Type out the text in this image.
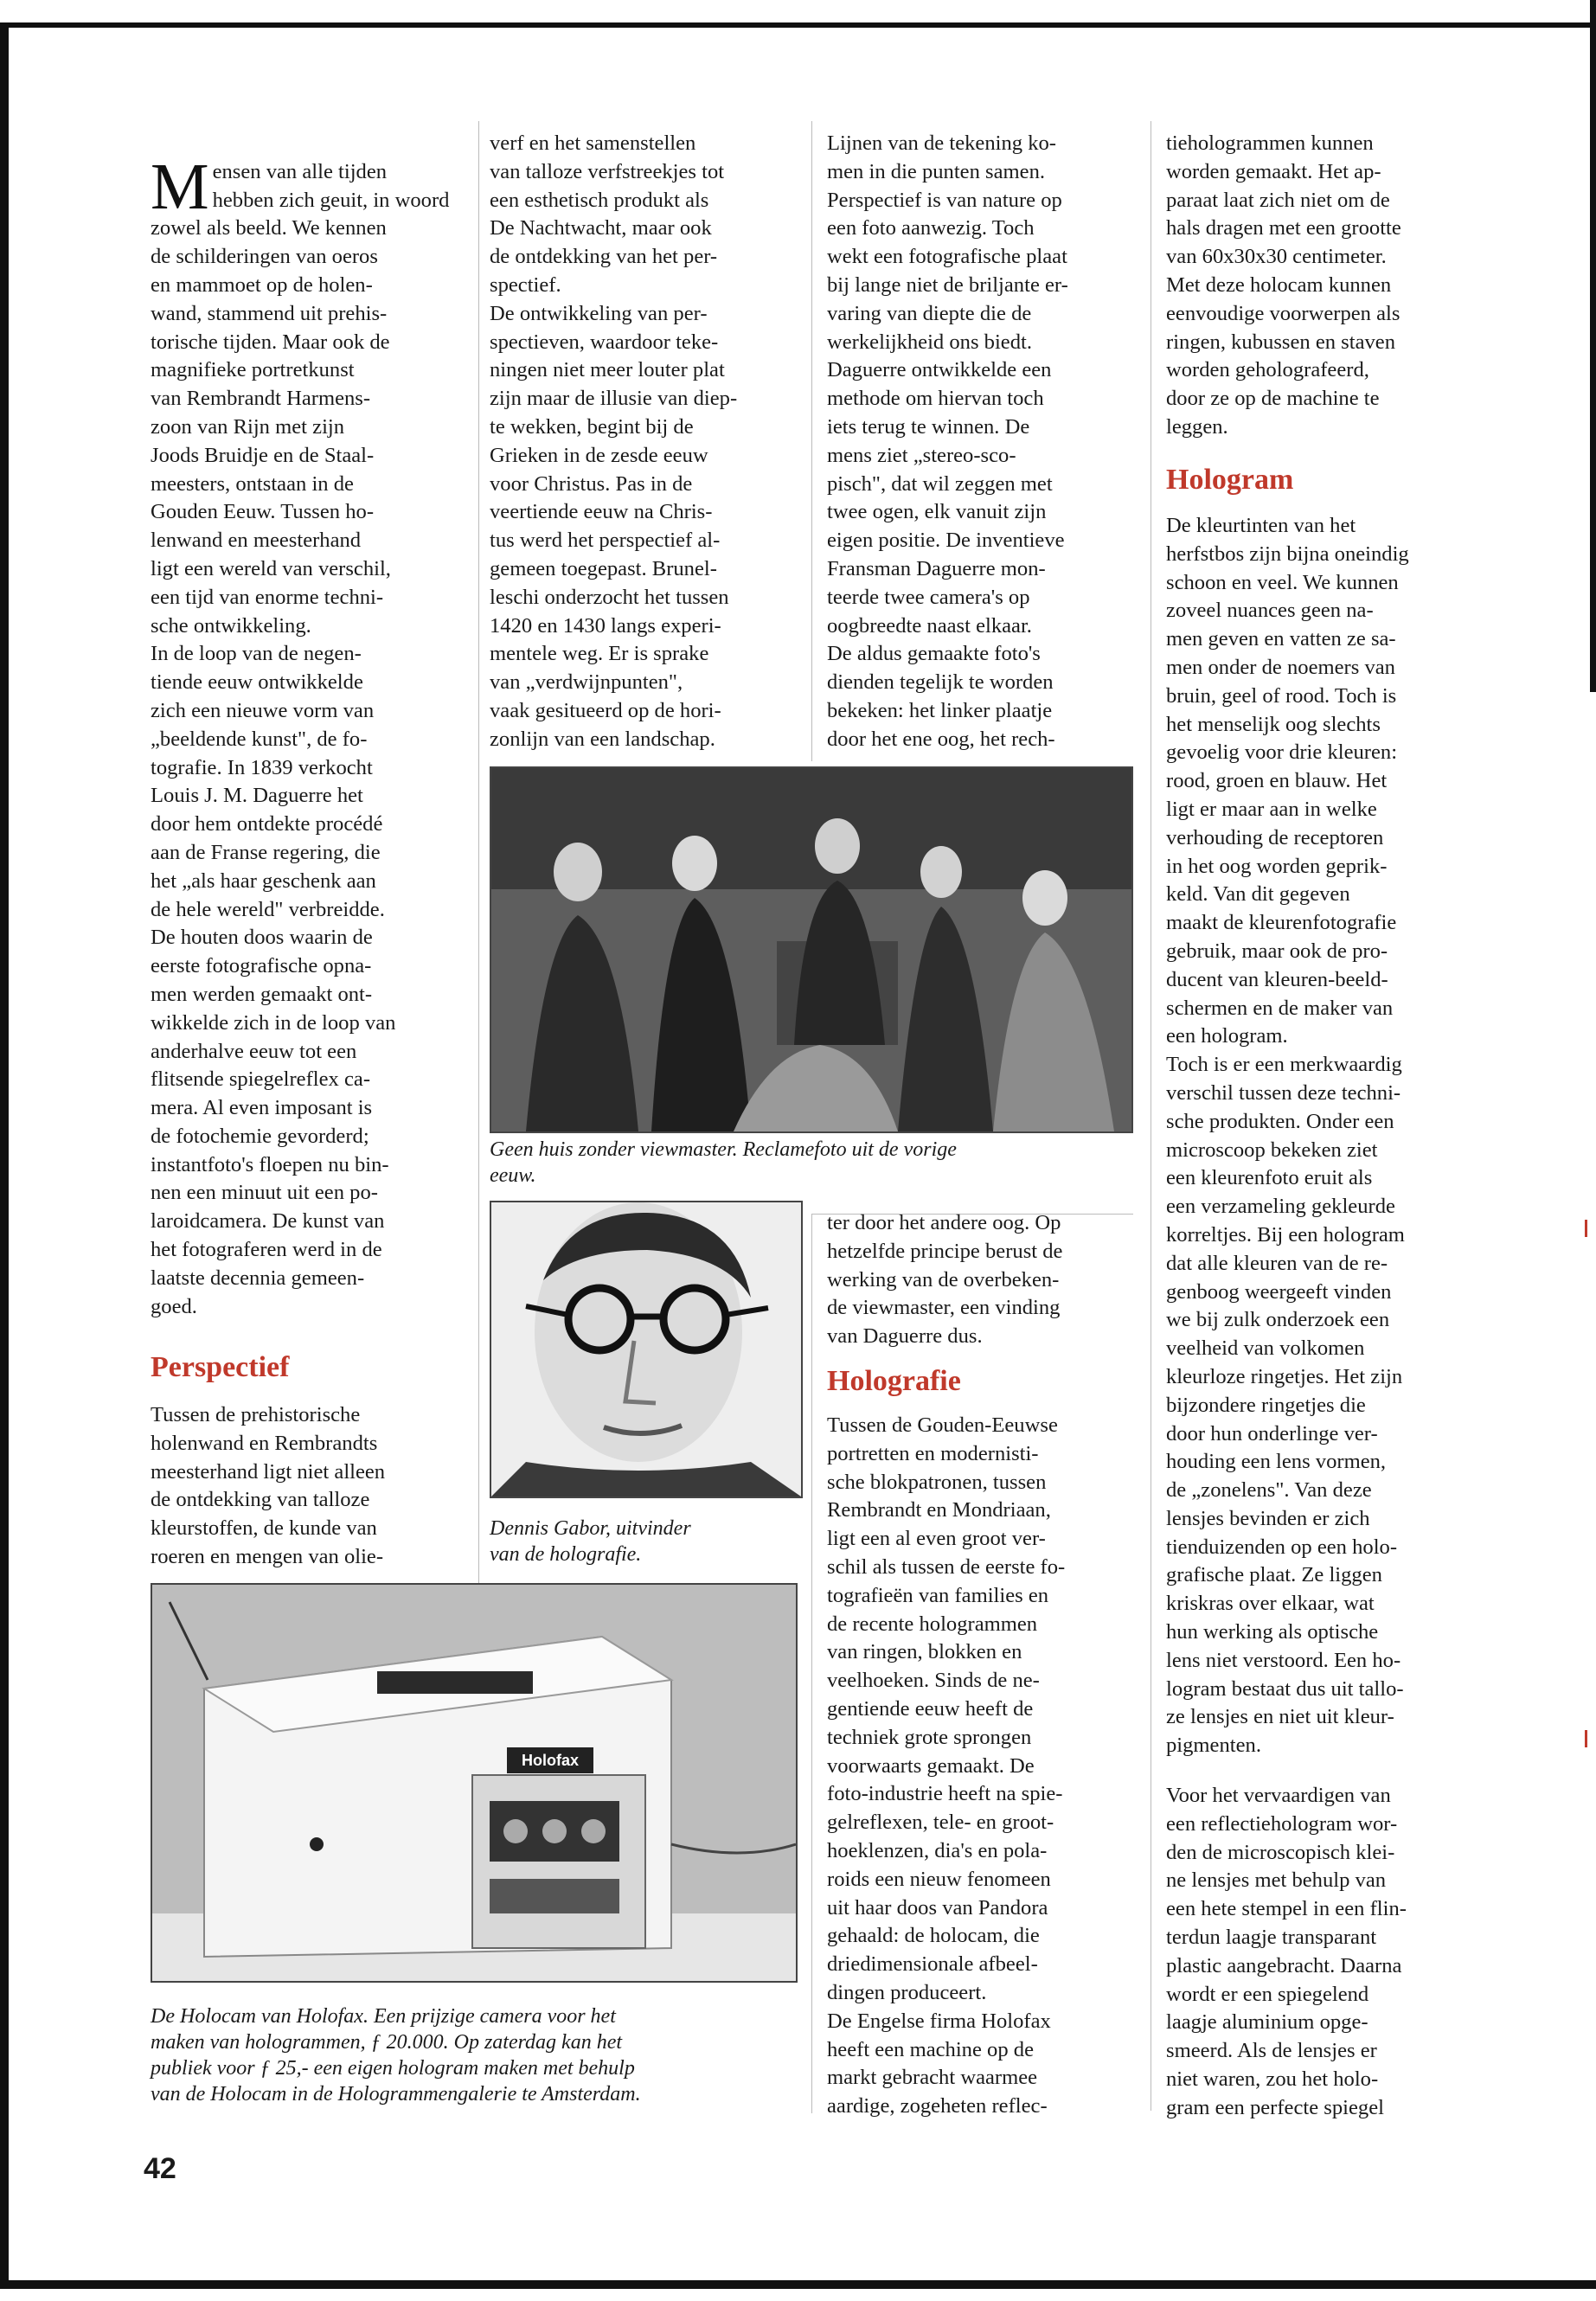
Mensen van alle tijden
hebben zich geuit, in woord
zowel als beeld. We kennen
de schilderingen van oeros
en mammoet op de holen-
wand, stammend uit prehis-
torische tijden. Maar ook de
magnifieke portretkunst
van Rembrandt Harmens-
zoon van Rijn met zijn
Joods Bruidje en de Staal-
meesters, ontstaan in de
Gouden Eeuw. Tussen ho-
lenwand en meesterhand
ligt een wereld van verschil,
een tijd van enorme techni-
sche ontwikkeling.
In de loop van de negen-
tiende eeuw ontwikkelde
zich een nieuwe vorm van
„beeldende kunst", de fo-
tografie. In 1839 verkocht
Louis J. M. Daguerre het
door hem ontdekte procédé
aan de Franse regering, die
het „als haar geschenk aan
de hele wereld" verbreidde.
De houten doos waarin de
eerste fotografische opna-
men werden gemaakt ont-
wikkelde zich in de loop van
anderhalve eeuw tot een
flitsende spiegelreflex ca-
mera. Al even imposant is
de fotochemie gevorderd;
instantfoto's floepen nu bin-
nen een minuut uit een po-
laroidcamera. De kunst van
het fotograferen werd in de
laatste decennia gemeen-
goed.

Perspectief
Tussen de prehistorische
holenwand en Rembrandts
meesterhand ligt niet alleen
de ontdekking van talloze
kleurstoffen, de kunde van
roeren en mengen van olie-
verf en het samenstellen
van talloze verfstreekjes tot
een esthetisch produkt als
De Nachtwacht, maar ook
de ontdekking van het per-
spectief.
De ontwikkeling van per-
spectieven, waardoor teke-
ningen niet meer louter plat
zijn maar de illusie van diep-
te wekken, begint bij de
Grieken in de zesde eeuw
voor Christus. Pas in de
veertiende eeuw na Chris-
tus werd het perspectief al-
gemeen toegepast. Brunel-
leschi onderzocht het tussen
1420 en 1430 langs experi-
mentele weg. Er is sprake
van „verdwijnpunten",
vaak gesitueerd op de hori-
zonlijn van een landschap.
Lijnen van de tekening ko-
men in die punten samen.
Perspectief is van nature op
een foto aanwezig. Toch
wekt een fotografische plaat
bij lange niet de briljante er-
varing van diepte die de
werkelijkheid ons biedt.
Daguerre ontwikkelde een
methode om hiervan toch
iets terug te winnen. De
mens ziet „stereo-sco-
pisch", dat wil zeggen met
twee ogen, elk vanuit zijn
eigen positie. De inventieve
Fransman Daguerre mon-
teerde twee camera's op
oogbreedte naast elkaar.
De aldus gemaakte foto's
dienden tegelijk te worden
bekeken: het linker plaatje
door het ene oog, het rech-
Geen huis zonder viewmaster. Reclamefoto uit de vorige
eeuw.
Dennis Gabor, uitvinder
van de holografie.
ter door het andere oog. Op
hetzelfde principe berust de
werking van de overbeken-
de viewmaster, een vinding
van Daguerre dus.
Holografie
Tussen de Gouden-Eeuwse
portretten en modernisti-
sche blokpatronen, tussen
Rembrandt en Mondriaan,
ligt een al even groot ver-
schil als tussen de eerste fo-
tografieën van families en
de recente hologrammen
van ringen, blokken en
veelhoeken. Sinds de ne-
gentiende eeuw heeft de
techniek grote sprongen
voorwaarts gemaakt. De
foto-industrie heeft na spie-
gelreflexen, tele- en groot-
hoeklenzen, dia's en pola-
roids een nieuw fenomeen
uit haar doos van Pandora
gehaald: de holocam, die
driedimensionale afbeel-
dingen produceert.
De Engelse firma Holofax
heeft een machine op de
markt gebracht waarmee
aardige, zogeheten reflec-
Holofax
De Holocam van Holofax. Een prijzige camera voor het
maken van hologrammen, ƒ 20.000. Op zaterdag kan het
publiek voor ƒ 25,- een eigen hologram maken met behulp
van de Holocam in de Hologrammengalerie te Amsterdam.
tiehologrammen kunnen
worden gemaakt. Het ap-
paraat laat zich niet om de
hals dragen met een grootte
van 60x30x30 centimeter.
Met deze holocam kunnen
eenvoudige voorwerpen als
ringen, kubussen en staven
worden geholografeerd,
door ze op de machine te
leggen.
Hologram
De kleurtinten van het
herfstbos zijn bijna oneindig
schoon en veel. We kunnen
zoveel nuances geen na-
men geven en vatten ze sa-
men onder de noemers van
bruin, geel of rood. Toch is
het menselijk oog slechts
gevoelig voor drie kleuren:
rood, groen en blauw. Het
ligt er maar aan in welke
verhouding de receptoren
in het oog worden geprik-
keld. Van dit gegeven
maakt de kleurenfotografie
gebruik, maar ook de pro-
ducent van kleuren-beeld-
schermen en de maker van
een hologram.
Toch is er een merkwaardig
verschil tussen deze techni-
sche produkten. Onder een
microscoop bekeken ziet
een kleurenfoto eruit als
een verzameling gekleurde
korreltjes. Bij een hologram
dat alle kleuren van de re-
genboog weergeeft vinden
we bij zulk onderzoek een
veelheid van volkomen
kleurloze ringetjes. Het zijn
bijzondere ringetjes die
door hun onderlinge ver-
houding een lens vormen,
de „zonelens". Van deze
lensjes bevinden er zich
tienduizenden op een holo-
grafische plaat. Ze liggen
kriskras over elkaar, wat
hun werking als optische
lens niet verstoord. Een ho-
logram bestaat dus uit tallo-
ze lensjes en niet uit kleur-
pigmenten.
Voor het vervaardigen van
een reflectiehologram wor-
den de microscopisch klei-
ne lensjes met behulp van
een hete stempel in een flin-
terdun laagje transparant
plastic aangebracht. Daarna
wordt er een spiegelend
laagje aluminium opge-
smeerd. Als de lensjes er
niet waren, zou het holo-
gram een perfecte spiegel
42
